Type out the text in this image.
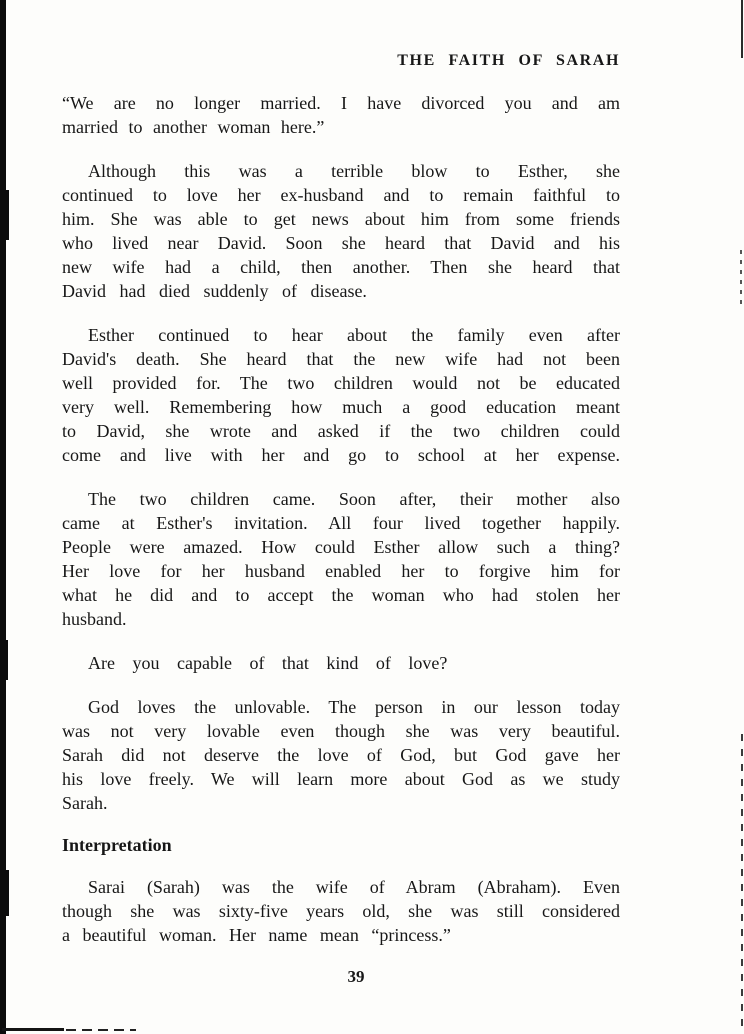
THE FAITH OF SARAH
“We are no longer married. I have divorced you and am
married to another woman here.”
Although this was a terrible blow to Esther, she
continued to love her ex-husband and to remain faithful to
him. She was able to get news about him from some friends
who lived near David. Soon she heard that David and his
new wife had a child, then another. Then she heard that
David had died suddenly of disease.
Esther continued to hear about the family even after
David's death. She heard that the new wife had not been
well provided for. The two children would not be educated
very well. Remembering how much a good education meant
to David, she wrote and asked if the two children could
come and live with her and go to school at her expense.
The two children came. Soon after, their mother also
came at Esther's invitation. All four lived together happily.
People were amazed. How could Esther allow such a thing?
Her love for her husband enabled her to forgive him for
what he did and to accept the woman who had stolen her
husband.
Are you capable of that kind of love?
God loves the unlovable. The person in our lesson today
was not very lovable even though she was very beautiful.
Sarah did not deserve the love of God, but God gave her
his love freely. We will learn more about God as we study
Sarah.
Interpretation
Sarai (Sarah) was the wife of Abram (Abraham). Even
though she was sixty-five years old, she was still considered
a beautiful woman. Her name mean “princess.”
39
